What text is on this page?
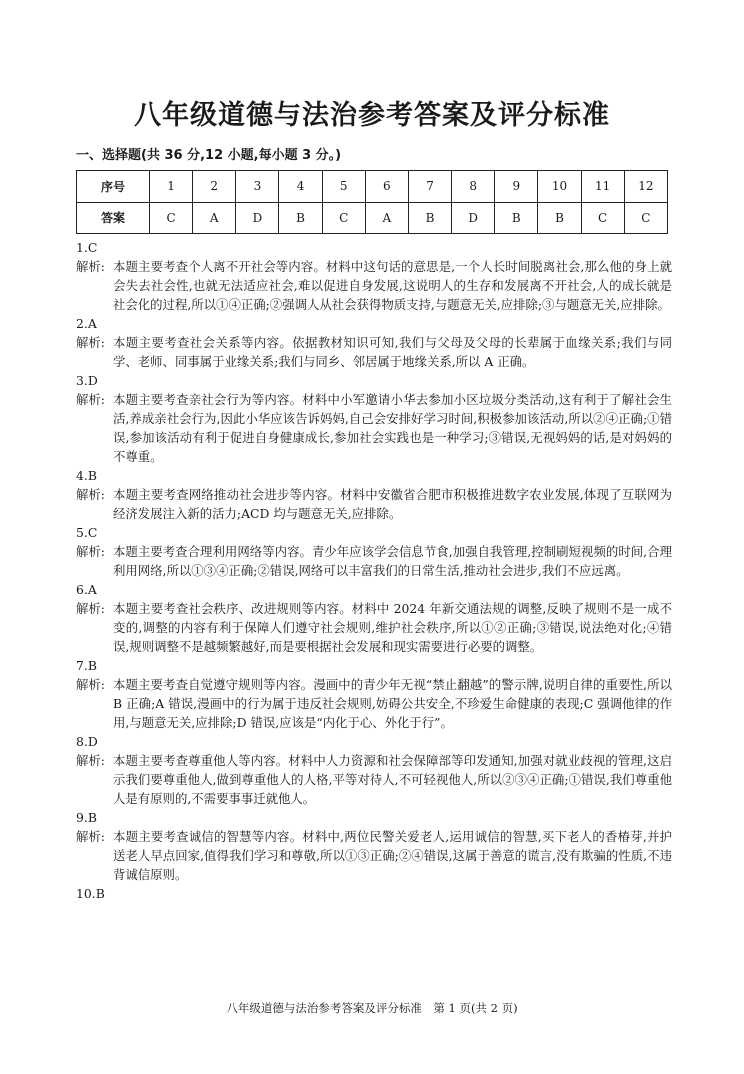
八年级道德与法治参考答案及评分标准
一、选择题(共 36 分,12 小题,每小题 3 分。)
序号	1	2	3	4	5	6	7	8	9	10	11	12
答案	C	A	D	B	C	A	B	D	B	B	C	C
1.C
解析: 本题主要考查个人离不开社会等内容。材料中这句话的意思是,一个人长时间脱离社会,那么他的身上就会失去社会性,也就无法适应社会,难以促进自身发展,这说明人的生存和发展离不开社会,人的成长就是社会化的过程,所以①④正确;②强调人从社会获得物质支持,与题意无关,应排除;③与题意无关,应排除。
2.A
解析: 本题主要考查社会关系等内容。依据教材知识可知,我们与父母及父母的长辈属于血缘关系;我们与同学、老师、同事属于业缘关系;我们与同乡、邻居属于地缘关系,所以 A 正确。
3.D
解析: 本题主要考查亲社会行为等内容。材料中小军邀请小华去参加小区垃圾分类活动,这有利于了解社会生活,养成亲社会行为,因此小华应该告诉妈妈,自己会安排好学习时间,积极参加该活动,所以②④正确;①错误,参加该活动有利于促进自身健康成长,参加社会实践也是一种学习;③错误,无视妈妈的话,是对妈妈的不尊重。
4.B
解析: 本题主要考查网络推动社会进步等内容。材料中安徽省合肥市积极推进数字农业发展,体现了互联网为经济发展注入新的活力;ACD 均与题意无关,应排除。
5.C
解析: 本题主要考查合理利用网络等内容。青少年应该学会信息节食,加强自我管理,控制刷短视频的时间,合理利用网络,所以①③④正确;②错误,网络可以丰富我们的日常生活,推动社会进步,我们不应远离。
6.A
解析: 本题主要考查社会秩序、改进规则等内容。材料中 2024 年新交通法规的调整,反映了规则不是一成不变的,调整的内容有利于保障人们遵守社会规则,维护社会秩序,所以①②正确;③错误,说法绝对化;④错误,规则调整不是越频繁越好,而是要根据社会发展和现实需要进行必要的调整。
7.B
解析: 本题主要考查自觉遵守规则等内容。漫画中的青少年无视“禁止翻越”的警示牌,说明自律的重要性,所以 B 正确;A 错误,漫画中的行为属于违反社会规则,妨碍公共安全,不珍爱生命健康的表现;C 强调他律的作用,与题意无关,应排除;D 错误,应该是“内化于心、外化于行”。
8.D
解析: 本题主要考查尊重他人等内容。材料中人力资源和社会保障部等印发通知,加强对就业歧视的管理,这启示我们要尊重他人,做到尊重他人的人格,平等对待人,不可轻视他人,所以②③④正确;①错误,我们尊重他人是有原则的,不需要事事迁就他人。
9.B
解析: 本题主要考查诚信的智慧等内容。材料中,两位民警关爱老人,运用诚信的智慧,买下老人的香椿芽,并护送老人早点回家,值得我们学习和尊敬,所以①③正确;②④错误,这属于善意的谎言,没有欺骗的性质,不违背诚信原则。
10.B
八年级道德与法治参考答案及评分标准　第 1 页(共 2 页)
